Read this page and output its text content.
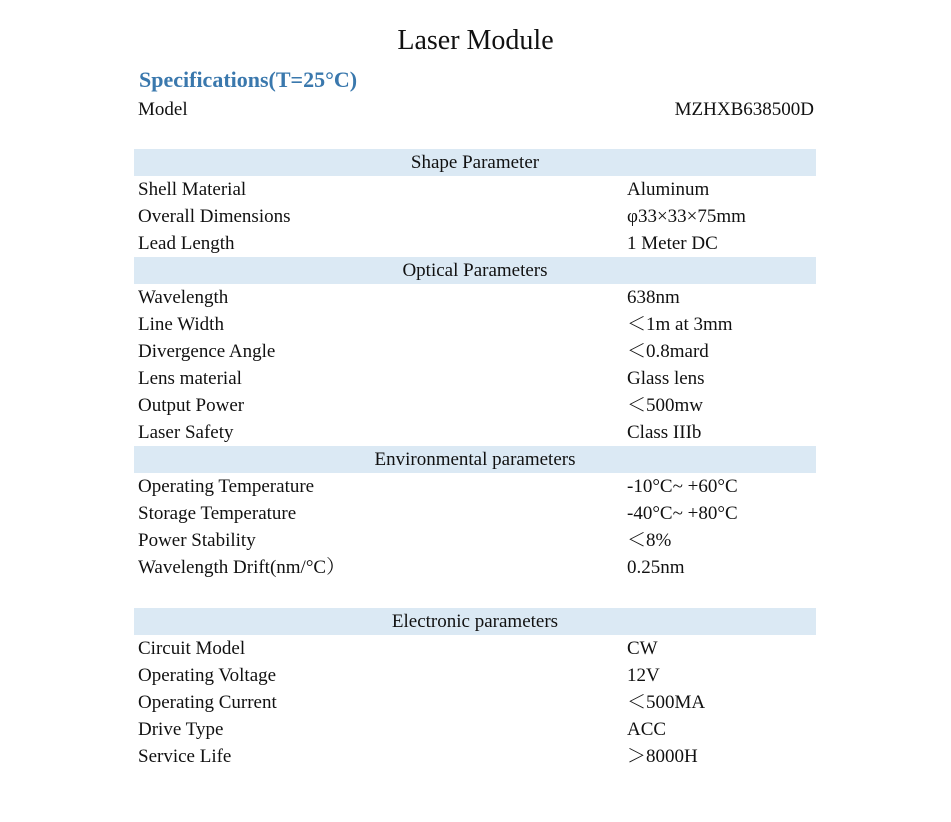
Laser Module
Specifications(T=25°C)
Model	MZHXB638500D
Shape Parameter
Shell Material	Aluminum
Overall Dimensions	φ33×33×75mm
Lead Length	1 Meter DC
Optical Parameters
Wavelength	638nm
Line Width	＜1m at 3mm
Divergence Angle	＜0.8mard
Lens material	Glass lens
Output Power	＜500mw
Laser Safety	Class IIIb
Environmental parameters
Operating Temperature	-10°C~ +60°C
Storage Temperature	-40°C~ +80°C
Power Stability	＜8%
Wavelength Drift(nm/°C）	0.25nm
Electronic parameters
Circuit Model	CW
Operating Voltage	12V
Operating Current	＜500MA
Drive Type	ACC
Service Life	＞8000H
